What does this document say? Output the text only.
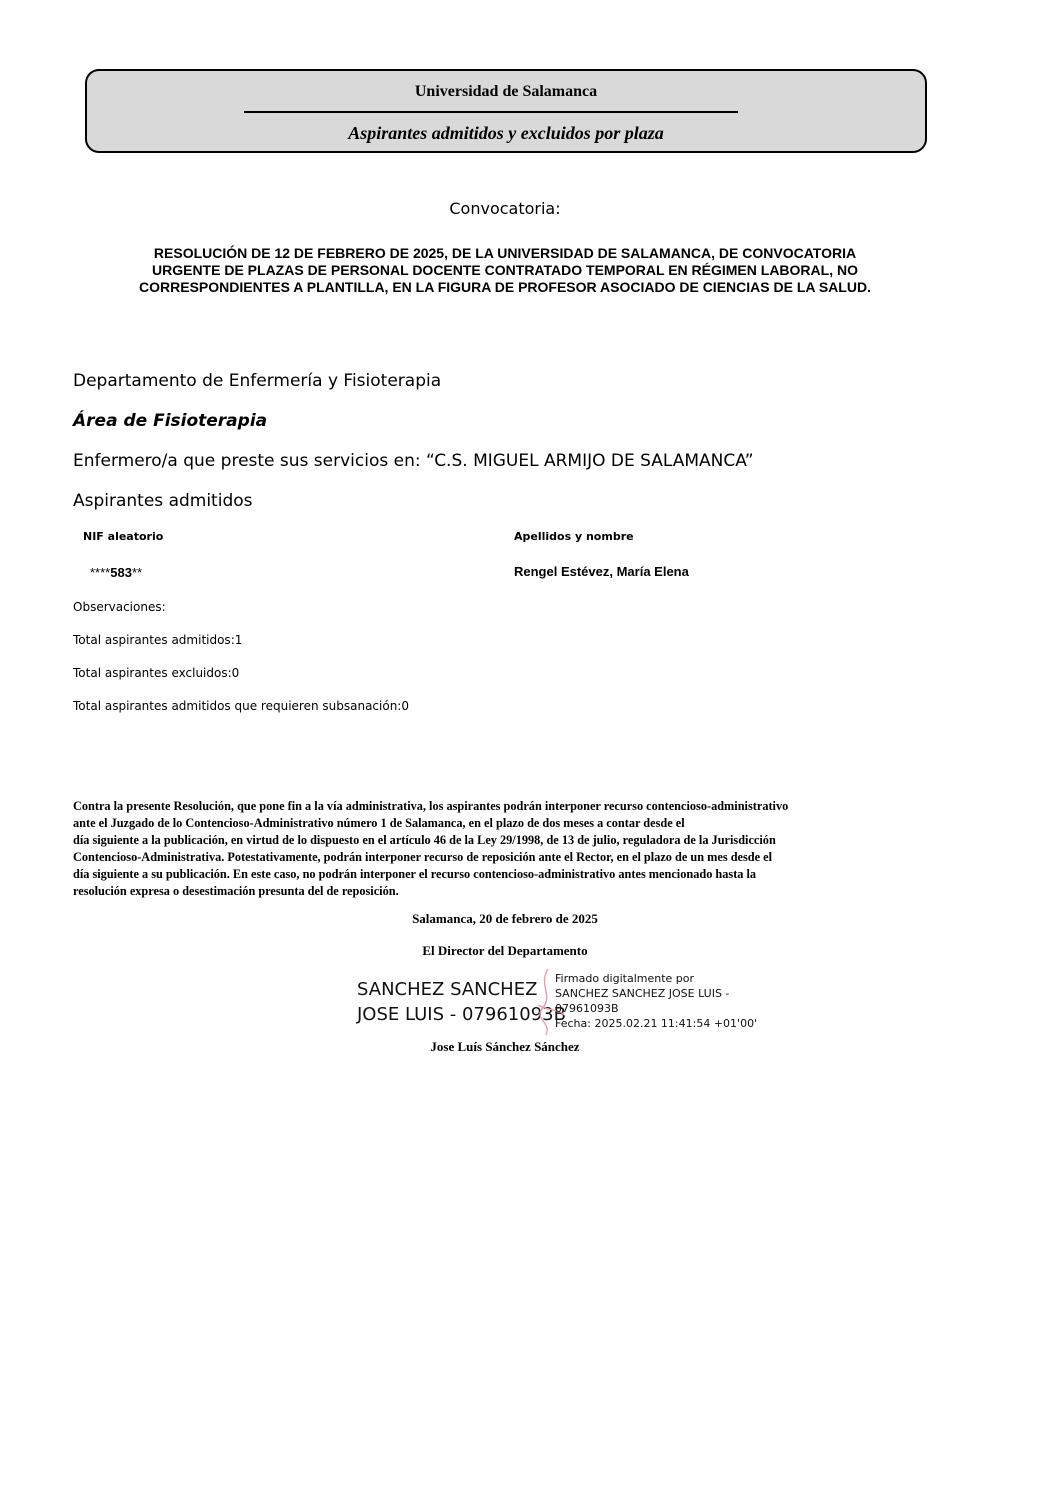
Universidad de Salamanca
Aspirantes admitidos y excluidos por plaza
Convocatoria:
RESOLUCIÓN DE 12 DE FEBRERO DE 2025, DE LA UNIVERSIDAD DE SALAMANCA, DE CONVOCATORIA URGENTE DE PLAZAS DE PERSONAL DOCENTE CONTRATADO TEMPORAL EN RÉGIMEN LABORAL, NO CORRESPONDIENTES A PLANTILLA, EN LA FIGURA DE PROFESOR ASOCIADO DE CIENCIAS DE LA SALUD.
Departamento de Enfermería y Fisioterapia
Área de Fisioterapia
Enfermero/a que preste sus servicios en: “C.S. MIGUEL ARMIJO DE SALAMANCA”
Aspirantes admitidos
NIF aleatorio	Apellidos y nombre
****583**	Rengel Estévez, María Elena
Observaciones:
Total aspirantes admitidos:1
Total aspirantes excluidos:0
Total aspirantes admitidos que requieren subsanación:0
Contra la presente Resolución, que pone fin a la vía administrativa, los aspirantes podrán interponer recurso contencioso-administrativo
ante el Juzgado de lo Contencioso-Administrativo número 1 de Salamanca, en el plazo de dos meses a contar desde el
día siguiente a la publicación, en virtud de lo dispuesto en el artículo 46 de la Ley 29/1998, de 13 de julio, reguladora de la Jurisdicción
Contencioso-Administrativa. Potestativamente, podrán interponer recurso de reposición ante el Rector, en el plazo de un mes desde el
día siguiente a su publicación. En este caso, no podrán interponer el recurso contencioso-administrativo antes mencionado hasta la
resolución expresa o desestimación presunta del de reposición.
Salamanca, 20 de febrero de 2025
El Director del Departamento
SANCHEZ SANCHEZ
JOSE LUIS - 07961093B
Firmado digitalmente por
SANCHEZ SANCHEZ JOSE LUIS -
07961093B
Fecha: 2025.02.21 11:41:54 +01'00'
Jose Luís Sánchez Sánchez
